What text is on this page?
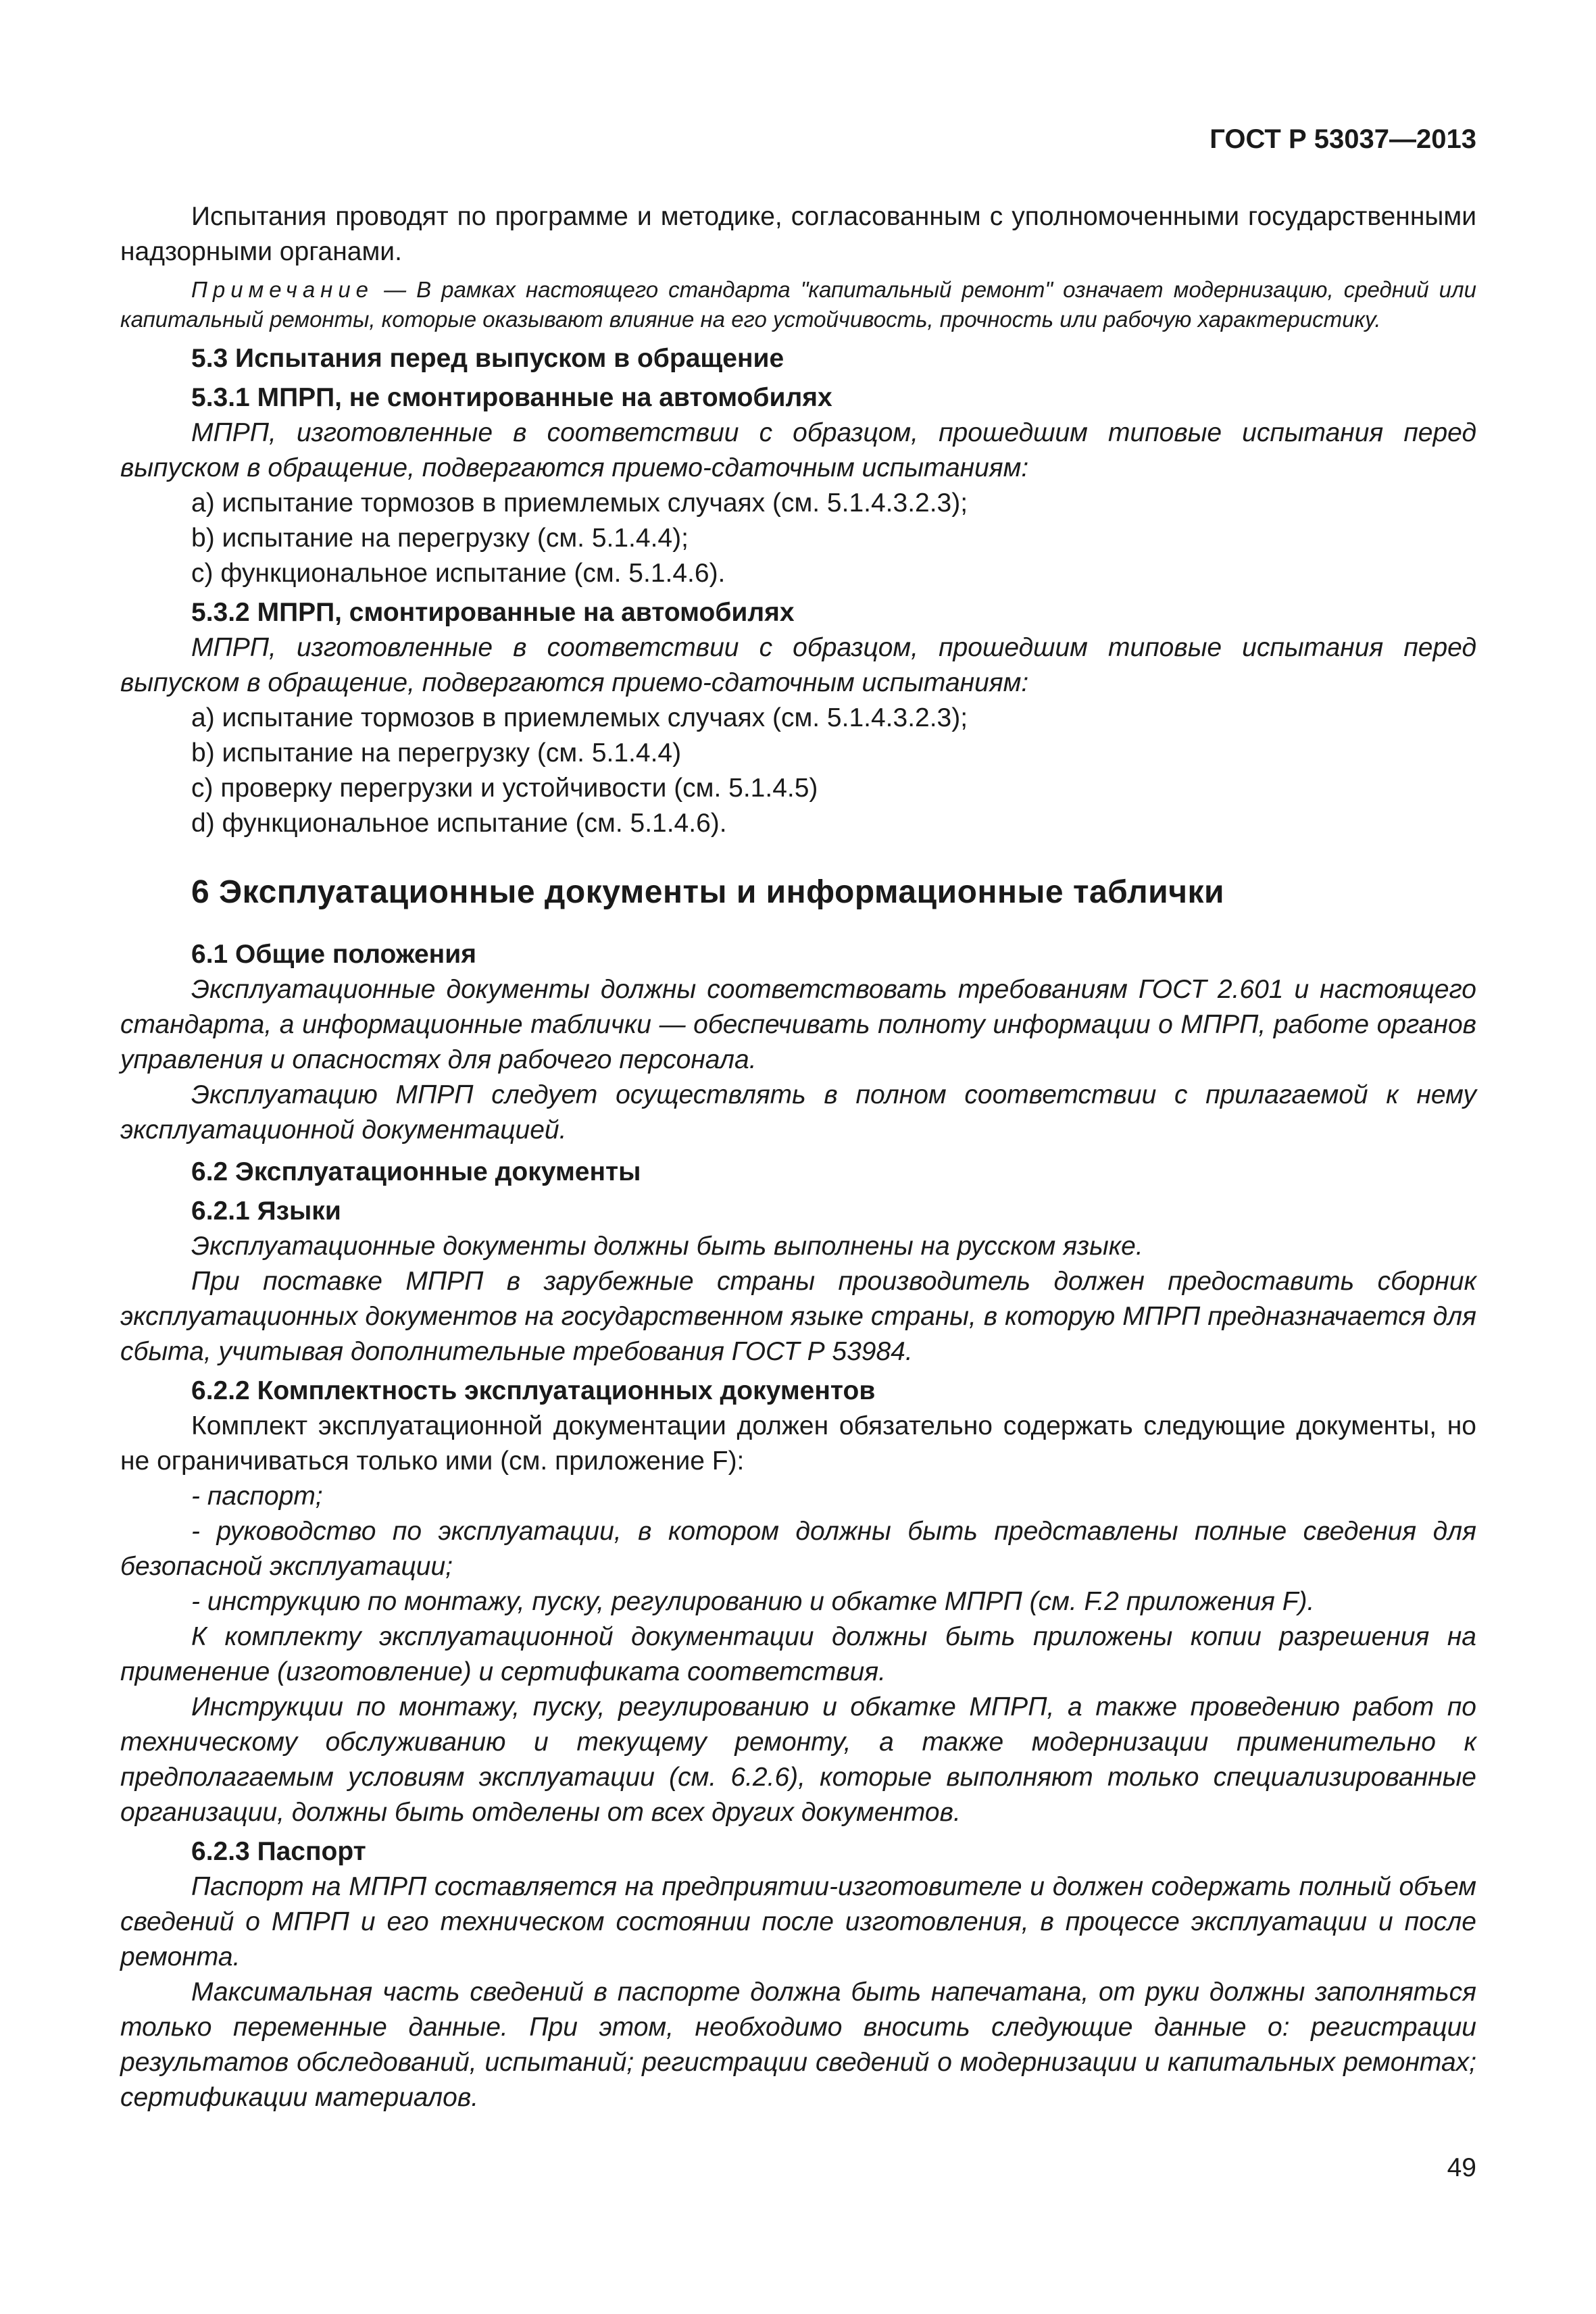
ГОСТ Р 53037—2013

Испытания проводят по программе и методике, согласованным с уполномоченными государственными надзорными органами.

Примечание — В рамках настоящего стандарта "капитальный ремонт" означает модернизацию, средний или капитальный ремонты, которые оказывают влияние на его устойчивость, прочность или рабочую характеристику.

5.3 Испытания перед выпуском в обращение
5.3.1 МПРП, не смонтированные на автомобилях

МПРП, изготовленные в соответствии с образцом, прошедшим типовые испытания перед выпуском в обращение, подвергаются приемо-сдаточным испытаниям:

а) испытание тормозов в приемлемых случаях (см. 5.1.4.3.2.3);

b) испытание на перегрузку (см. 5.1.4.4);

c) функциональное испытание (см. 5.1.4.6).

5.3.2 МПРП, смонтированные на автомобилях

МПРП, изготовленные в соответствии с образцом, прошедшим типовые испытания перед выпуском в обращение, подвергаются приемо-сдаточным испытаниям:

а) испытание тормозов в приемлемых случаях (см. 5.1.4.3.2.3);

b) испытание на перегрузку (см. 5.1.4.4)

c) проверку перегрузки и устойчивости (см. 5.1.4.5)

d) функциональное испытание (см. 5.1.4.6).

6 Эксплуатационные документы и информационные таблички
6.1 Общие положения

Эксплуатационные документы должны соответствовать требованиям ГОСТ 2.601 и настоящего стандарта, а информационные таблички — обеспечивать полноту информации о МПРП, работе органов управления и опасностях для рабочего персонала.

Эксплуатацию МПРП следует осуществлять в полном соответствии с прилагаемой к нему эксплуатационной документацией.

6.2 Эксплуатационные документы
6.2.1 Языки

Эксплуатационные документы должны быть выполнены на русском языке.

При поставке МПРП в зарубежные страны производитель должен предоставить сборник эксплуатационных документов на государственном языке страны, в которую МПРП предназначается для сбыта, учитывая дополнительные требования ГОСТ Р 53984.

6.2.2 Комплектность эксплуатационных документов

Комплект эксплуатационной документации должен обязательно содержать следующие документы, но не ограничиваться только ими (см. приложение F):

- паспорт;

- руководство по эксплуатации, в котором должны быть представлены полные сведения для безопасной эксплуатации;

- инструкцию по монтажу, пуску, регулированию и обкатке МПРП (см. F.2 приложения F).

К комплекту эксплуатационной документации должны быть приложены копии разрешения на применение (изготовление) и сертификата соответствия.

Инструкции по монтажу, пуску, регулированию и обкатке МПРП, а также проведению работ по техническому обслуживанию и текущему ремонту, а также модернизации применительно к предполагаемым условиям эксплуатации (см. 6.2.6), которые выполняют только специализированные организации, должны быть отделены от всех других документов.

6.2.3 Паспорт

Паспорт на МПРП составляется на предприятии-изготовителе и должен содержать полный объем сведений о МПРП и его техническом состоянии после изготовления, в процессе эксплуатации и после ремонта.

Максимальная часть сведений в паспорте должна быть напечатана, от руки должны заполняться только переменные данные. При этом, необходимо вносить следующие данные о: регистрации результатов обследований, испытаний; регистрации сведений о модернизации и капитальных ремонтах; сертификации материалов.

49
